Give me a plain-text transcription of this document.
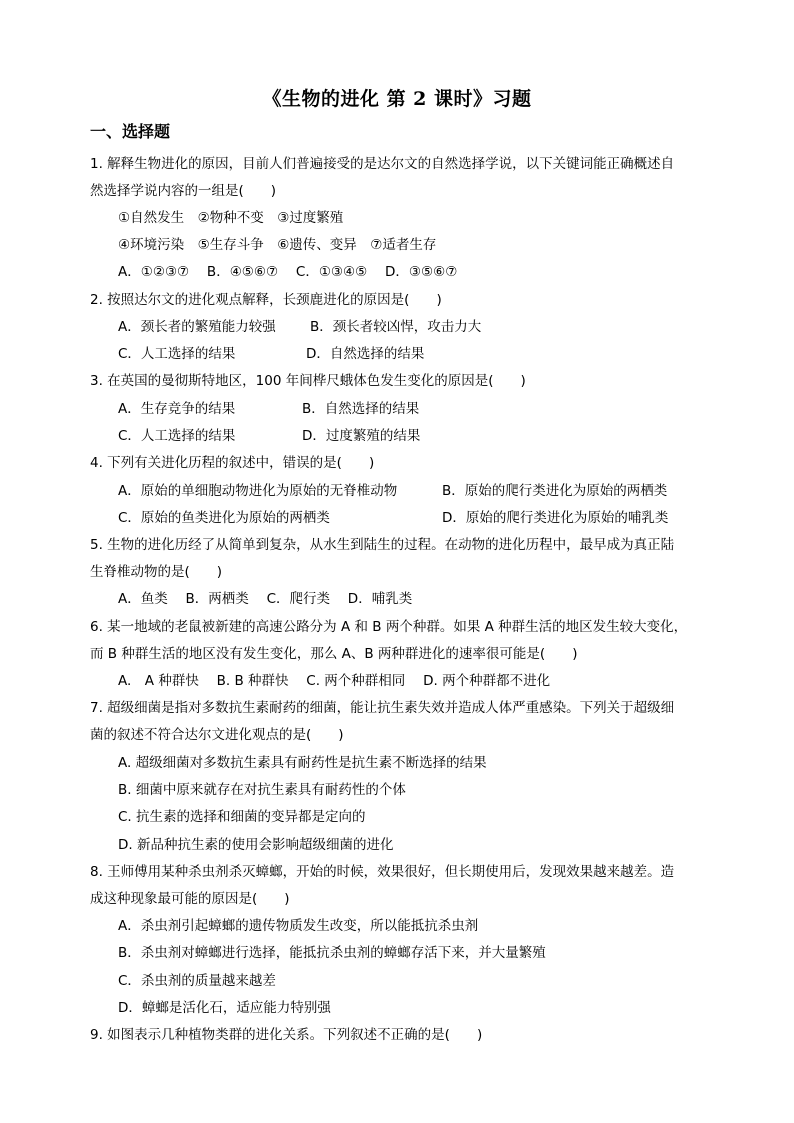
《生物的进化 第 2 课时》习题
一、选择题
1. 解释生物进化的原因，目前人们普遍接受的是达尔文的自然选择学说，以下关键词能正确概述自
然选择学说内容的一组是(　　)
①自然发生　②物种不变　③过度繁殖
④环境污染　⑤生存斗争　⑥遗传、变异　⑦适者生存
A．①②③⑦　 B．④⑤⑥⑦　 C．①③④⑤　 D．③⑤⑥⑦
2. 按照达尔文的进化观点解释，长颈鹿进化的原因是(　　)
A．颈长者的繁殖能力较强	B．颈长者较凶悍，攻击力大
C．人工选择的结果	D．自然选择的结果
3. 在英国的曼彻斯特地区，100 年间桦尺蛾体色发生变化的原因是(　　)
A．生存竞争的结果	B．自然选择的结果
C．人工选择的结果	D．过度繁殖的结果
4. 下列有关进化历程的叙述中，错误的是(　　)
A．原始的单细胞动物进化为原始的无脊椎动物	B．原始的爬行类进化为原始的两栖类
C．原始的鱼类进化为原始的两栖类	D．原始的爬行类进化为原始的哺乳类
5. 生物的进化历经了从简单到复杂，从水生到陆生的过程。在动物的进化历程中，最早成为真正陆
生脊椎动物的是(　　)
A．鱼类　 B．两栖类　 C．爬行类　 D．哺乳类
6. 某一地域的老鼠被新建的高速公路分为 A 和 B 两个种群。如果 A 种群生活的地区发生较大变化，
而 B 种群生活的地区没有发生变化，那么 A、B 两种群进化的速率很可能是(　　)
A.　A 种群快　 B. B 种群快　 C. 两个种群相同　 D. 两个种群都不进化
7. 超级细菌是指对多数抗生素耐药的细菌，能让抗生素失效并造成人体严重感染。下列关于超级细
菌的叙述不符合达尔文进化观点的是(　　)
A. 超级细菌对多数抗生素具有耐药性是抗生素不断选择的结果
B. 细菌中原来就存在对抗生素具有耐药性的个体
C. 抗生素的选择和细菌的变异都是定向的
D. 新品种抗生素的使用会影响超级细菌的进化
8. 王师傅用某种杀虫剂杀灭蟑螂，开始的时候，效果很好，但长期使用后，发现效果越来越差。造
成这种现象最可能的原因是(　　)
A．杀虫剂引起蟑螂的遗传物质发生改变，所以能抵抗杀虫剂
B．杀虫剂对蟑螂进行选择，能抵抗杀虫剂的蟑螂存活下来，并大量繁殖
C．杀虫剂的质量越来越差
D．蟑螂是活化石，适应能力特别强
9. 如图表示几种植物类群的进化关系。下列叙述不正确的是(　　)
